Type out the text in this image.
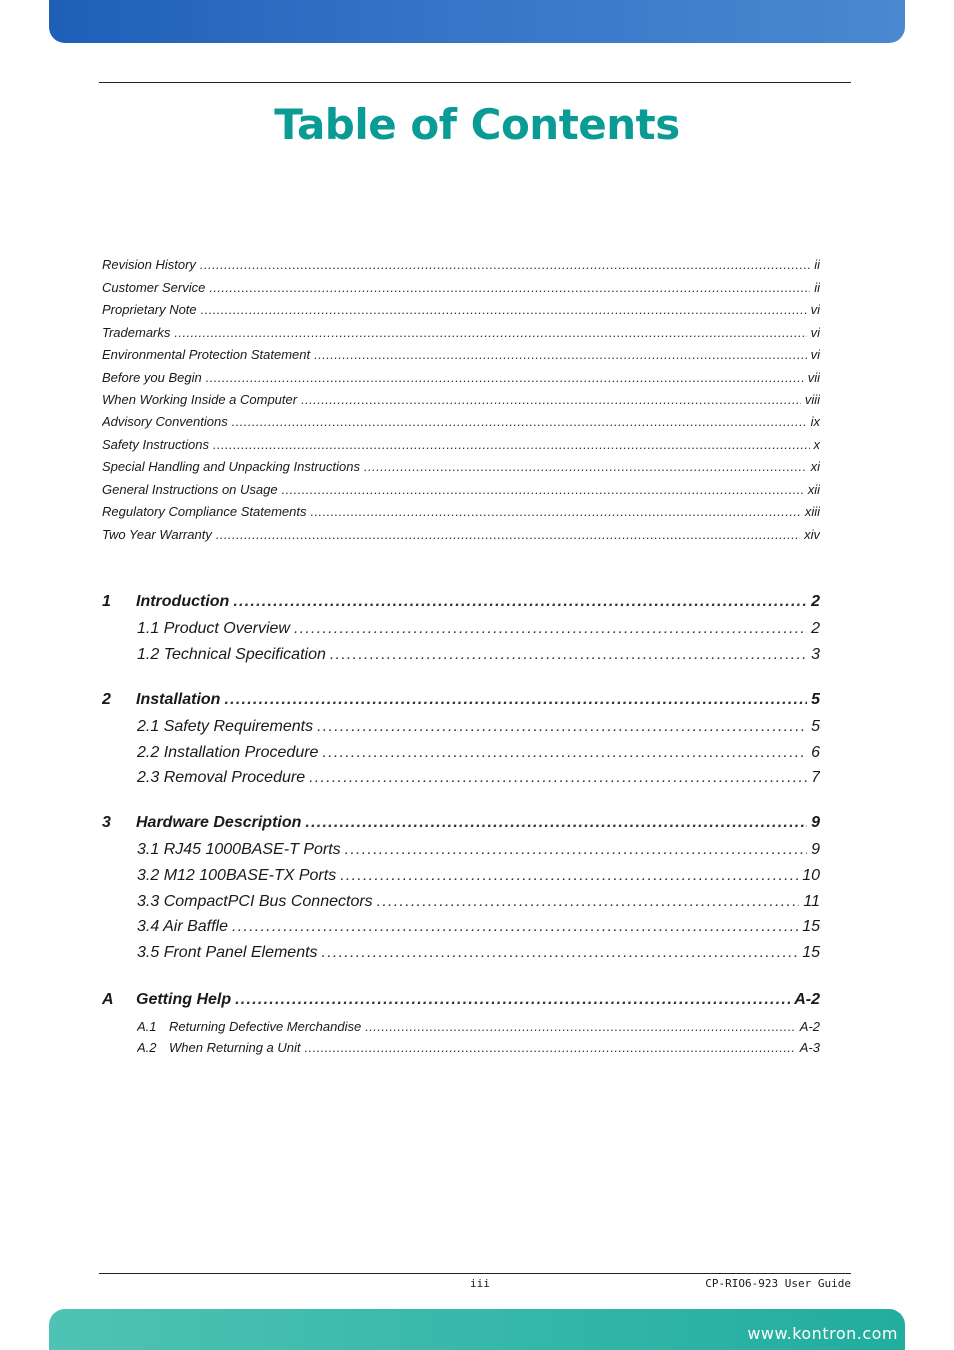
Table of Contents
Revision History . . .	ii
Customer Service . . .	ii
Proprietary Note . . .	vi
Trademarks . . .	vi
Environmental Protection Statement . . .	vi
Before you Begin . . .	vii
When Working Inside a Computer . . .	viii
Advisory Conventions . . .	ix
Safety Instructions . . .	x
Special Handling and Unpacking Instructions . . .	xi
General Instructions on Usage . . .	xii
Regulatory Compliance Statements . . .	xiii
Two Year Warranty . . .	xiv
1 Introduction . . .	2
1.1 Product Overview . . .	2
1.2 Technical Specification . . .	3
2 Installation . . .	5
2.1 Safety Requirements . . .	5
2.2 Installation Procedure . . .	6
2.3 Removal Procedure . . .	7
3 Hardware Description . . .	9
3.1 RJ45 1000BASE-T Ports . . .	9
3.2 M12 100BASE-TX Ports . . .	10
3.3 CompactPCI Bus Connectors . . .	11
3.4 Air Baffle . . .	15
3.5 Front Panel Elements . . .	15
A Getting Help . . .	A-2
A.1 Returning Defective Merchandise . . .	A-2
A.2 When Returning a Unit . . .	A-3
iii	CP-RIO6-923 User Guide
www.kontron.com
